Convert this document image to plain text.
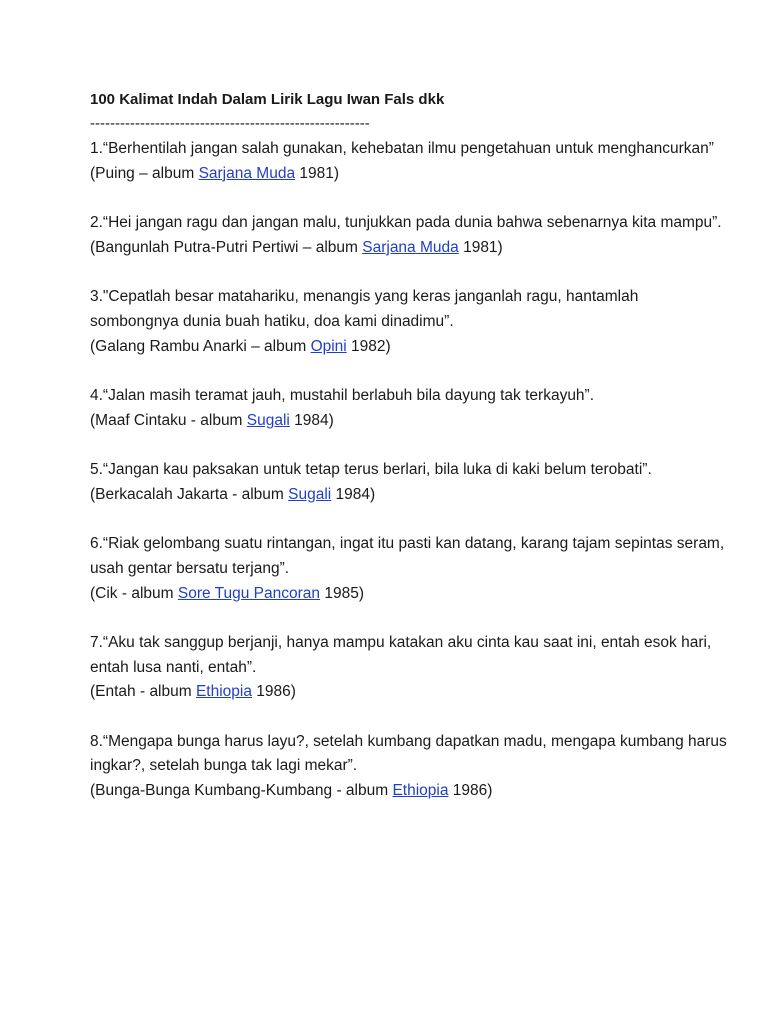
100 Kalimat Indah Dalam Lirik Lagu Iwan Fals dkk
--------------------------------------------------------
1.“Berhentilah jangan salah gunakan, kehebatan ilmu pengetahuan untuk menghancurkan”
(Puing – album Sarjana Muda 1981)
2.“Hei jangan ragu dan jangan malu, tunjukkan pada dunia bahwa sebenarnya kita mampu”.
(Bangunlah Putra-Putri Pertiwi – album Sarjana Muda 1981)
3."Cepatlah besar matahariku, menangis yang keras janganlah ragu, hantamlah sombongnya dunia buah hatiku, doa kami dinadimu”.
(Galang Rambu Anarki – album Opini 1982)
4.“Jalan masih teramat jauh, mustahil berlabuh bila dayung tak terkayuh”.
(Maaf Cintaku - album Sugali 1984)
5.“Jangan kau paksakan untuk tetap terus berlari, bila luka di kaki belum terobati”.
(Berkacalah Jakarta - album Sugali 1984)
6.“Riak gelombang suatu rintangan, ingat itu pasti kan datang, karang tajam sepintas seram, usah gentar bersatu terjang”.
(Cik - album Sore Tugu Pancoran 1985)
7.“Aku tak sanggup berjanji, hanya mampu katakan aku cinta kau saat ini, entah esok hari, entah lusa nanti, entah”.
(Entah - album Ethiopia 1986)
8.“Mengapa bunga harus layu?, setelah kumbang dapatkan madu, mengapa kumbang harus ingkar?, setelah bunga tak lagi mekar”.
(Bunga-Bunga Kumbang-Kumbang - album Ethiopia 1986)
